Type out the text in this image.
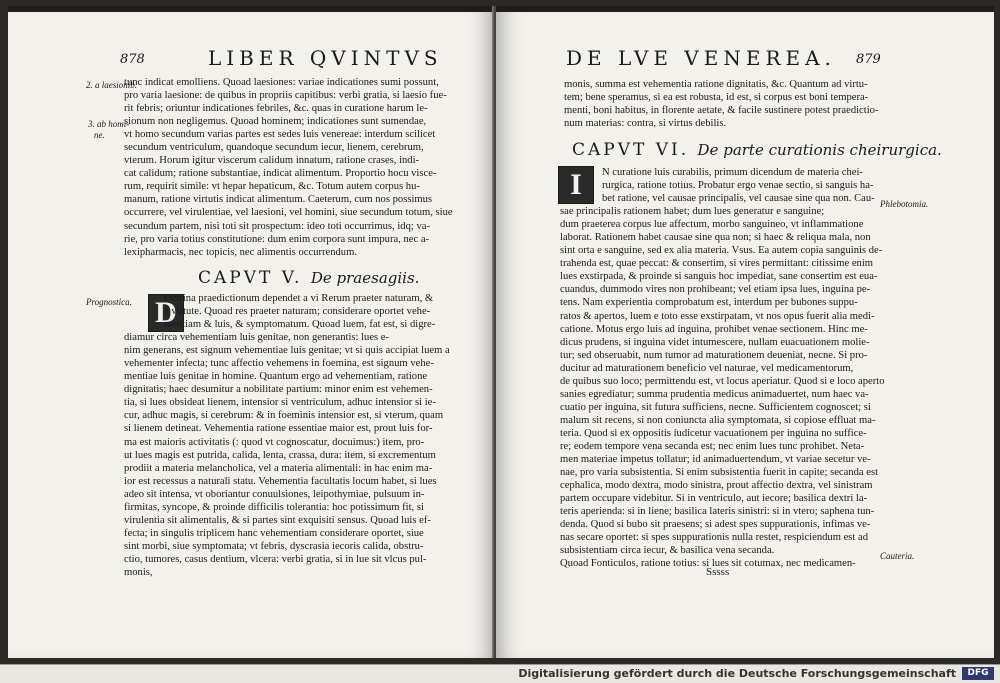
878	LIBER QVINTVS
2. a laesionib.
3. ab homi-
ne.
Prognostica.
tunc indicat emolliens. Quoad laesiones: variae indicationes sumi possunt,
pro varia laesione: de quibus in propriis capitibus: verbi gratia, si laesio fue-
rit febris; oriuntur indicationes febriles, &c. quas in curatione harum le-
sionum non negligemus. Quoad hominem; indicationes sunt sumendae,
vt homo secundum varias partes est sedes luis venereae: interdum scilicet
secundum ventriculum, quandoque secundum iecur, lienem, cerebrum,
vterum. Horum igitur viscerum calidum innatum, ratione crases, indi-
cat calidum; ratione substantiae, indicat alimentum. Proportio hocu visce-
rum, requirit simile: vt hepar hepaticum, &c. Totum autem corpus hu-
manum, ratione virtutis indicat alimentum. Caeterum, cum nos possimus
occurrere, vel virulentiae, vel laesioni, vel homini, siue secundum totum, siue
secundum partem, nisi toti sit prospectum: ideo toti occurrimus, idq; va-
rie, pro varia totius constitutione: dum enim corpora sunt impura, nec a-
lexipharmacis, nec topicis, nec alimentis occurrendum.
CAPVT V. De praesagiis.
D
Octrina praedictionum dependet a vi Rerum praeter naturam, &
a virtute. Quoad res praeter naturam; considerare oportet vehe-
mentiam & luis, & symptomatum. Quoad luem, fat est, si digre-
diamur circa vehementiam luis genitae, non generantis: lues e-
nim generans, est signum vehementiae luis genitae; vt si quis accipiat luem a
vehementer infecta; tunc affectio vehemens in foemina, est signum vehe-
mentiae luis genitae in homine. Quantum ergo ad vehementiam, ratione
dignitatis; haec desumitur a nobilitate partium: minor enim est vehemen-
tia, si lues obsideat lienem, intensior si ventriculum, adhuc intensior si ie-
cur, adhuc magis, si cerebrum: & in foeminis intensior est, si vterum, quam
si lienem detineat. Vehementia ratione essentiae maior est, prout luis for-
ma est maioris activitatis (: quod vt cognoscatur, docuimus:) item, pro-
ut lues magis est putrida, calida, lenta, crassa, dura: item, si excrementum
prodiit a materia melancholica, vel a materia alimentali: in hac enim ma-
ior est recessus a naturali statu. Vehementia facultatis locum habet, si lues
adeo sit intensa, vt oboriantur conuulsiones, leipothymiae, pulsuum in-
firmitas, syncope, & proinde difficilis tolerantia: hoc potissimum fit, si
virulentia sit alimentalis, & si partes sint exquisiti sensus. Quoad luis ef-
fecta; in singulis triplicem hanc vehementiam considerare oportet, siue
sint morbi, siue symptomata; vt febris, dyscrasia iecoris calida, obstru-
ctio, tumores, casus dentium, vlcera: verbi gratia, si in lue sit vlcus pul-
monis,
DE LVE VENEREA. 879
monis, summa est vehementia ratione dignitatis, &c. Quantum ad virtu-
tem; bene speramus, si ea est robusta, id est, si corpus est boni tempera-
menti, boni habitus, in florente aetate, & facile sustinere potest praedictio-
num materias: contra, si virtus debilis.
CAPVT VI. De parte curationis cheirurgica.
I	N curatione luis curabilis, primum dicendum de materia chei-
rurgica, ratione totius. Probatur ergo venae sectio, si sanguis ha-
bet ratione, vel causae principalis, vel causae sine qua non. Cau-
sae principalis rationem habet; dum lues generatur e sanguine;
dum praeterea corpus lue affectum, morbo sanguineo, vt inflammatione
laborat. Rationem habet causae sine qua non; si haec & reliqua mala, non
sint orta e sanguine, sed ex alia materia. Vsus. Ea autem copia sanguinis de-
trahenda est, quae peccat: & consertim, si vires permittant: citissime enim
lues exstirpada, & proinde si sanguis hoc impediat, sane consertim est eua-
cuandus, dummodo vires non prohibeant; vel etiam ipsa lues, inguina pe-
tens. Nam experientia comprobatum est, interdum per bubones suppu-
ratos & apertos, luem e toto esse exstirpatam, vt nos opus fuerit alia medi-
catione. Motus ergo luis ad inguina, prohibet venae sectionem. Hinc me-
dicus prudens, si inguina videt intumescere, nullam euacuationem molie-
tur; sed obseruabit, num tumor ad maturationem deueniat, necne. Si pro-
ducitur ad maturationem beneficio vel naturae, vel medicamentorum,
de quibus suo loco; permittendu est, vt locus aperiatur. Quod si e loco aperto
sanies egrediatur; summa prudentia medicus animaduertet, num haec va-
cuatio per inguina, sit futura sufficiens, necne. Sufficientem cognoscet; si
malum sit recens, si non coniuncta alia symptomata, si copiose effluat ma-
teria. Quod si ex oppositis iudicetur vacuationem per inguina no suffice-
re; eodem tempore vena secanda est; nec enim lues tunc prohibet. Neta-
men materiae impetus tollatur; id animaduertendum, vt variae secetur ve-
nae, pro varia subsistentia. Si enim subsistentia fuerit in capite; secanda est
cephalica, modo dextra, modo sinistra, prout affectio dextra, vel sinistram
partem occupare videbitur. Si in ventriculo, aut iecore; basilica dextri la-
teris aperienda: si in liene; basilica lateris sinistri: si in vtero; saphena tun-
denda. Quod si bubo sit praesens; si adest spes suppurationis, infimas ve-
nas secare oportet: si spes suppurationis nulla restet, respiciendum est ad
subsistentiam circa iecur, & basilica vena secanda.
Quoad Fonticulos, ratione totius: si lues sit cotumax, nec medicamen-
Phlebotomia.
Cauteria.
Sssss
Digitalisierung gefördert durch die Deutsche Forschungsgemeinschaft	DFG
